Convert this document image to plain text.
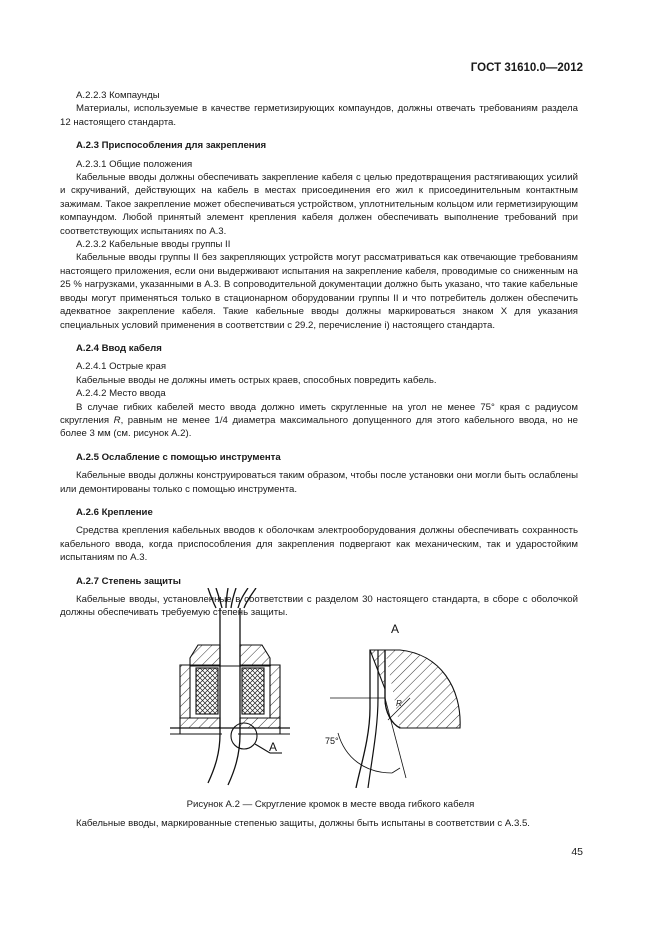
ГОСТ 31610.0—2012

А.2.2.3 Компаунды

Материалы, используемые в качестве герметизирующих компаундов, должны отвечать требованиям раздела 12 настоящего стандарта.

А.2.3 Приспособления для закрепления

А.2.3.1 Общие положения

Кабельные вводы должны обеспечивать закрепление кабеля с целью предотвращения растягивающих усилий и скручиваний, действующих на кабель в местах присоединения его жил к присоединительным контактным зажимам. Такое закрепление может обеспечиваться устройством, уплотнительным кольцом или герметизирующим компаундом. Любой принятый элемент крепления кабеля должен обеспечивать выполнение требований при соответствующих испытаниях по А.3.

А.2.3.2 Кабельные вводы группы II

Кабельные вводы группы II без закрепляющих устройств могут рассматриваться как отвечающие требованиям настоящего приложения, если они выдерживают испытания на закрепление кабеля, проводимые со сниженным на 25 % нагрузками, указанными в А.3. В сопроводительной документации должно быть указано, что такие кабельные вводы могут применяться только в стационарном оборудовании группы II и что потребитель должен обеспечить адекватное закрепление кабеля. Такие кабельные вводы должны маркироваться знаком X для указания специальных условий применения в соответствии с 29.2, перечисление i) настоящего стандарта.

А.2.4 Ввод кабеля

А.2.4.1 Острые края

Кабельные вводы не должны иметь острых краев, способных повредить кабель.

А.2.4.2 Место ввода

В случае гибких кабелей место ввода должно иметь скругленные на угол не менее 75° края с радиусом скругления R, равным не менее 1/4 диаметра максимального допущенного для этого кабельного ввода, но не более 3 мм (см. рисунок А.2).

А.2.5 Ослабление с помощью инструмента

Кабельные вводы должны конструироваться таким образом, чтобы после установки они могли быть ослаблены или демонтированы только с помощью инструмента.

А.2.6 Крепление

Средства крепления кабельных вводов к оболочкам электрооборудования должны обеспечивать сохранность кабельного ввода, когда приспособления для закрепления подвергают как механическим, так и ударостойким испытаниям по А.3.

А.2.7 Степень защиты

Кабельные вводы, установленные в соответствии с разделом 30 настоящего стандарта, в сборе с оболочкой должны обеспечивать требуемую степень защиты.

A
A
75°
R
Рисунок А.2 — Скругление кромок в месте ввода гибкого кабеля

Кабельные вводы, маркированные степенью защиты, должны быть испытаны в соответствии с А.3.5.

45
